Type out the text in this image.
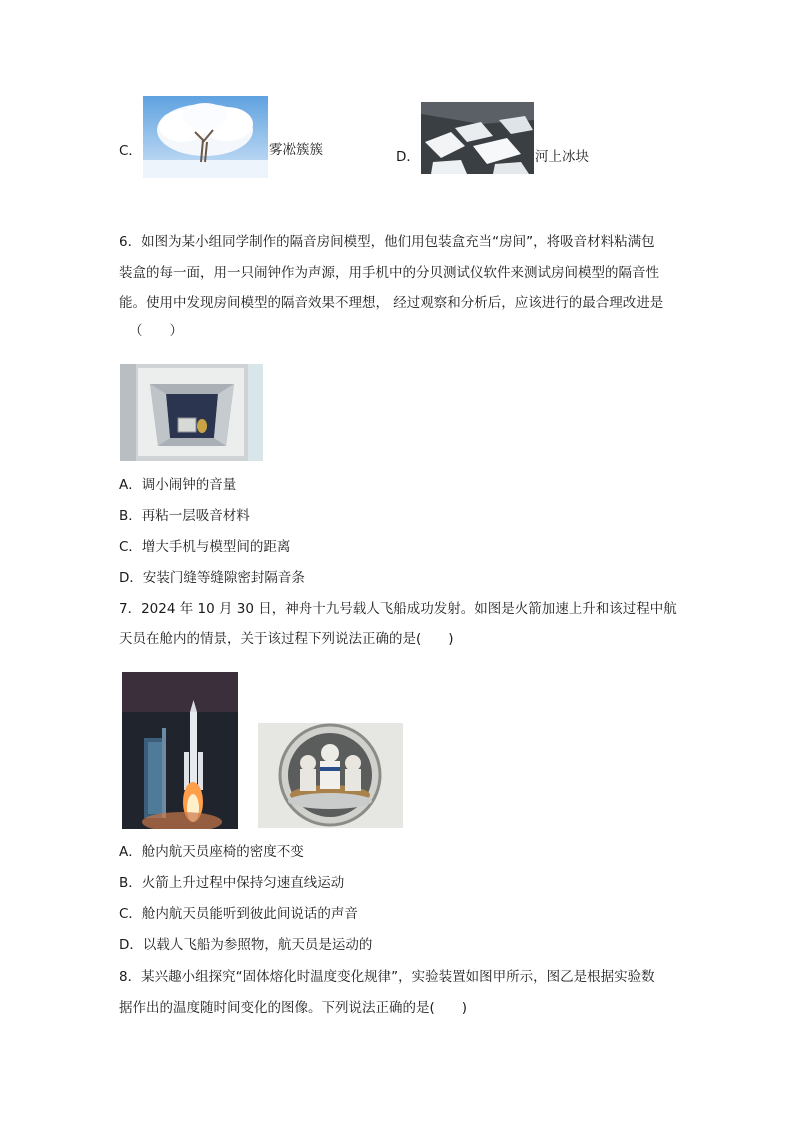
C．	雾凇簇簇	D．	河上冰块
6．如图为某小组同学制作的隔音房间模型，他们用包装盒充当“房间”，将吸音材料粘满包
装盒的每一面，用一只闹钟作为声源，用手机中的分贝测试仪软件来测试房间模型的隔音性
能。使用中发现房间模型的隔音效果不理想， 经过观察和分析后，应该进行的最合理改进是
（　　）
A．调小闹钟的音量
B．再粘一层吸音材料
C．增大手机与模型间的距离
D．安装门缝等缝隙密封隔音条
7．2024 年 10 月 30 日，神舟十九号载人飞船成功发射。如图是火箭加速上升和该过程中航
天员在舱内的情景，关于该过程下列说法正确的是(　　)
A．舱内航天员座椅的密度不变
B．火箭上升过程中保持匀速直线运动
C．舱内航天员能听到彼此间说话的声音
D．以载人飞船为参照物，航天员是运动的
8．某兴趣小组探究“固体熔化时温度变化规律”，实验装置如图甲所示，图乙是根据实验数
据作出的温度随时间变化的图像。下列说法正确的是(　　)
